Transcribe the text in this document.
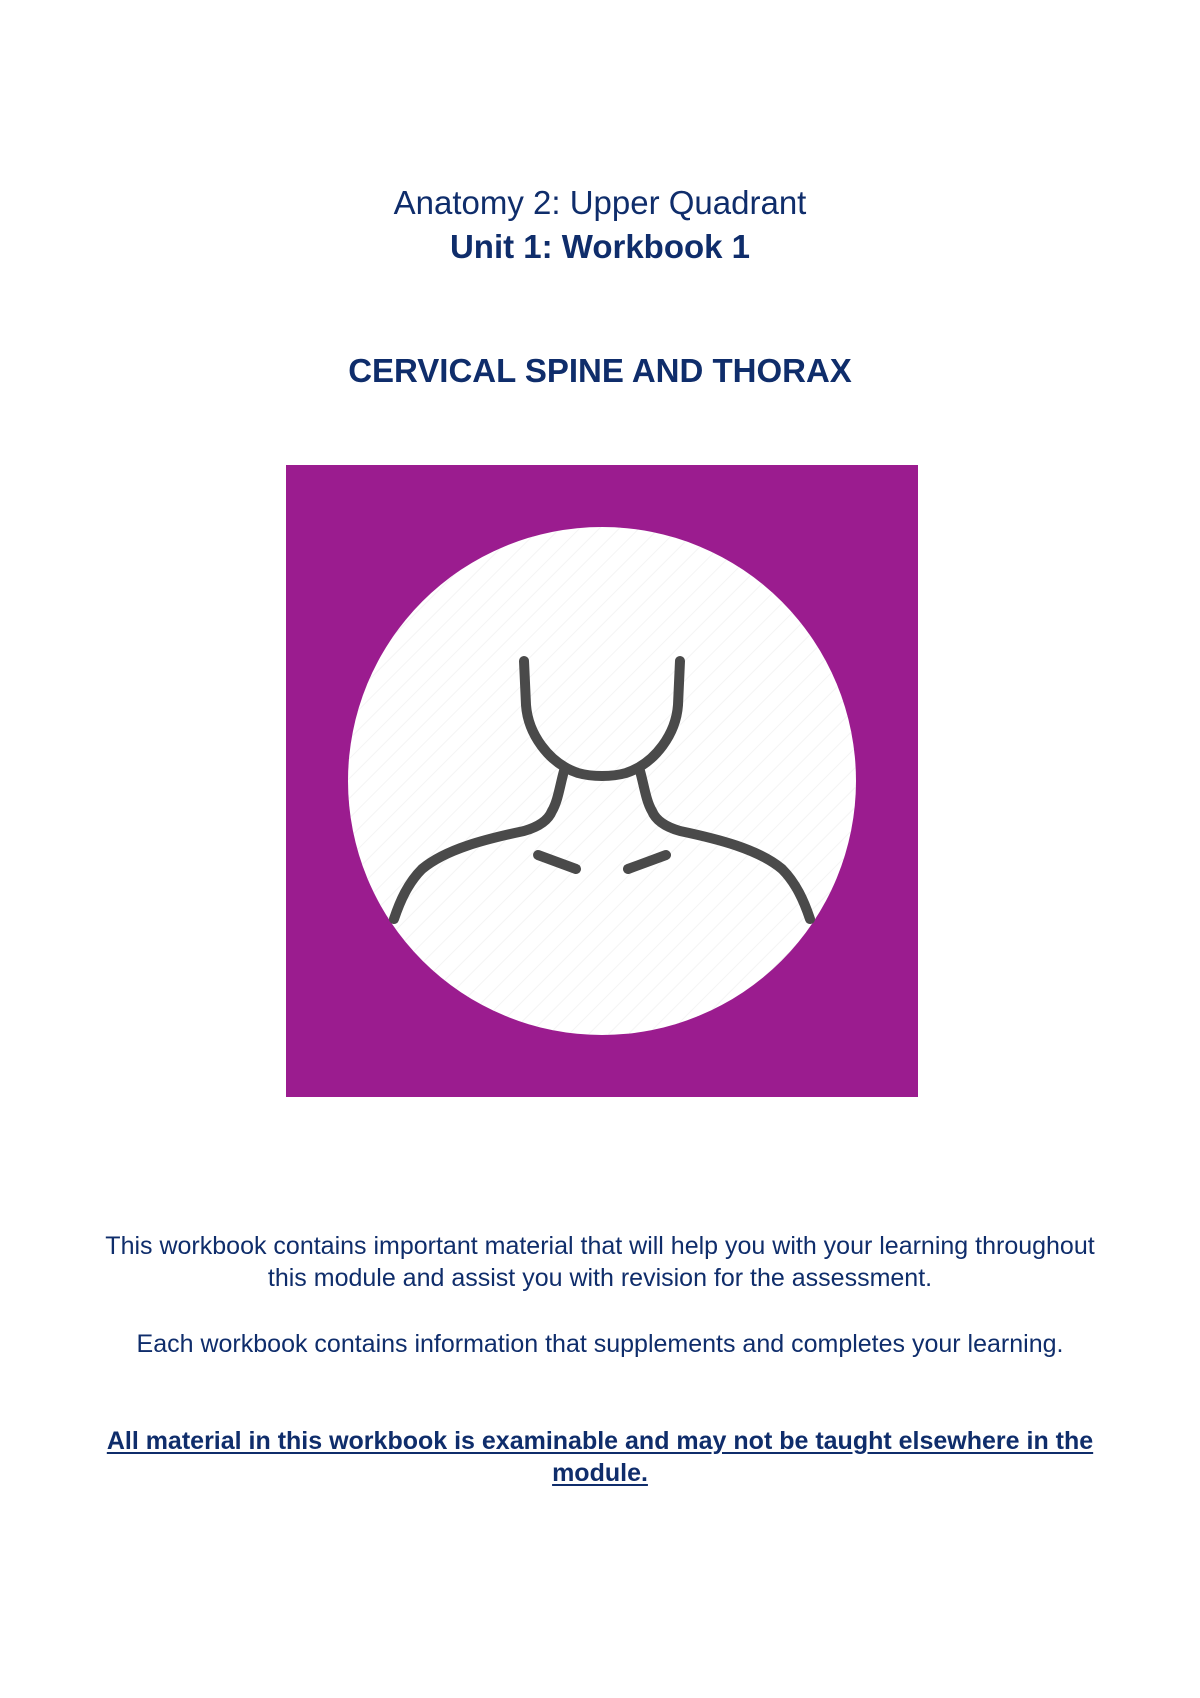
Anatomy 2: Upper Quadrant
Unit 1: Workbook 1
CERVICAL SPINE AND THORAX

This workbook contains important material that will help you with your learning throughout this module and assist you with revision for the assessment.

Each workbook contains information that supplements and completes your learning.

All material in this workbook is examinable and may not be taught elsewhere in the module.
